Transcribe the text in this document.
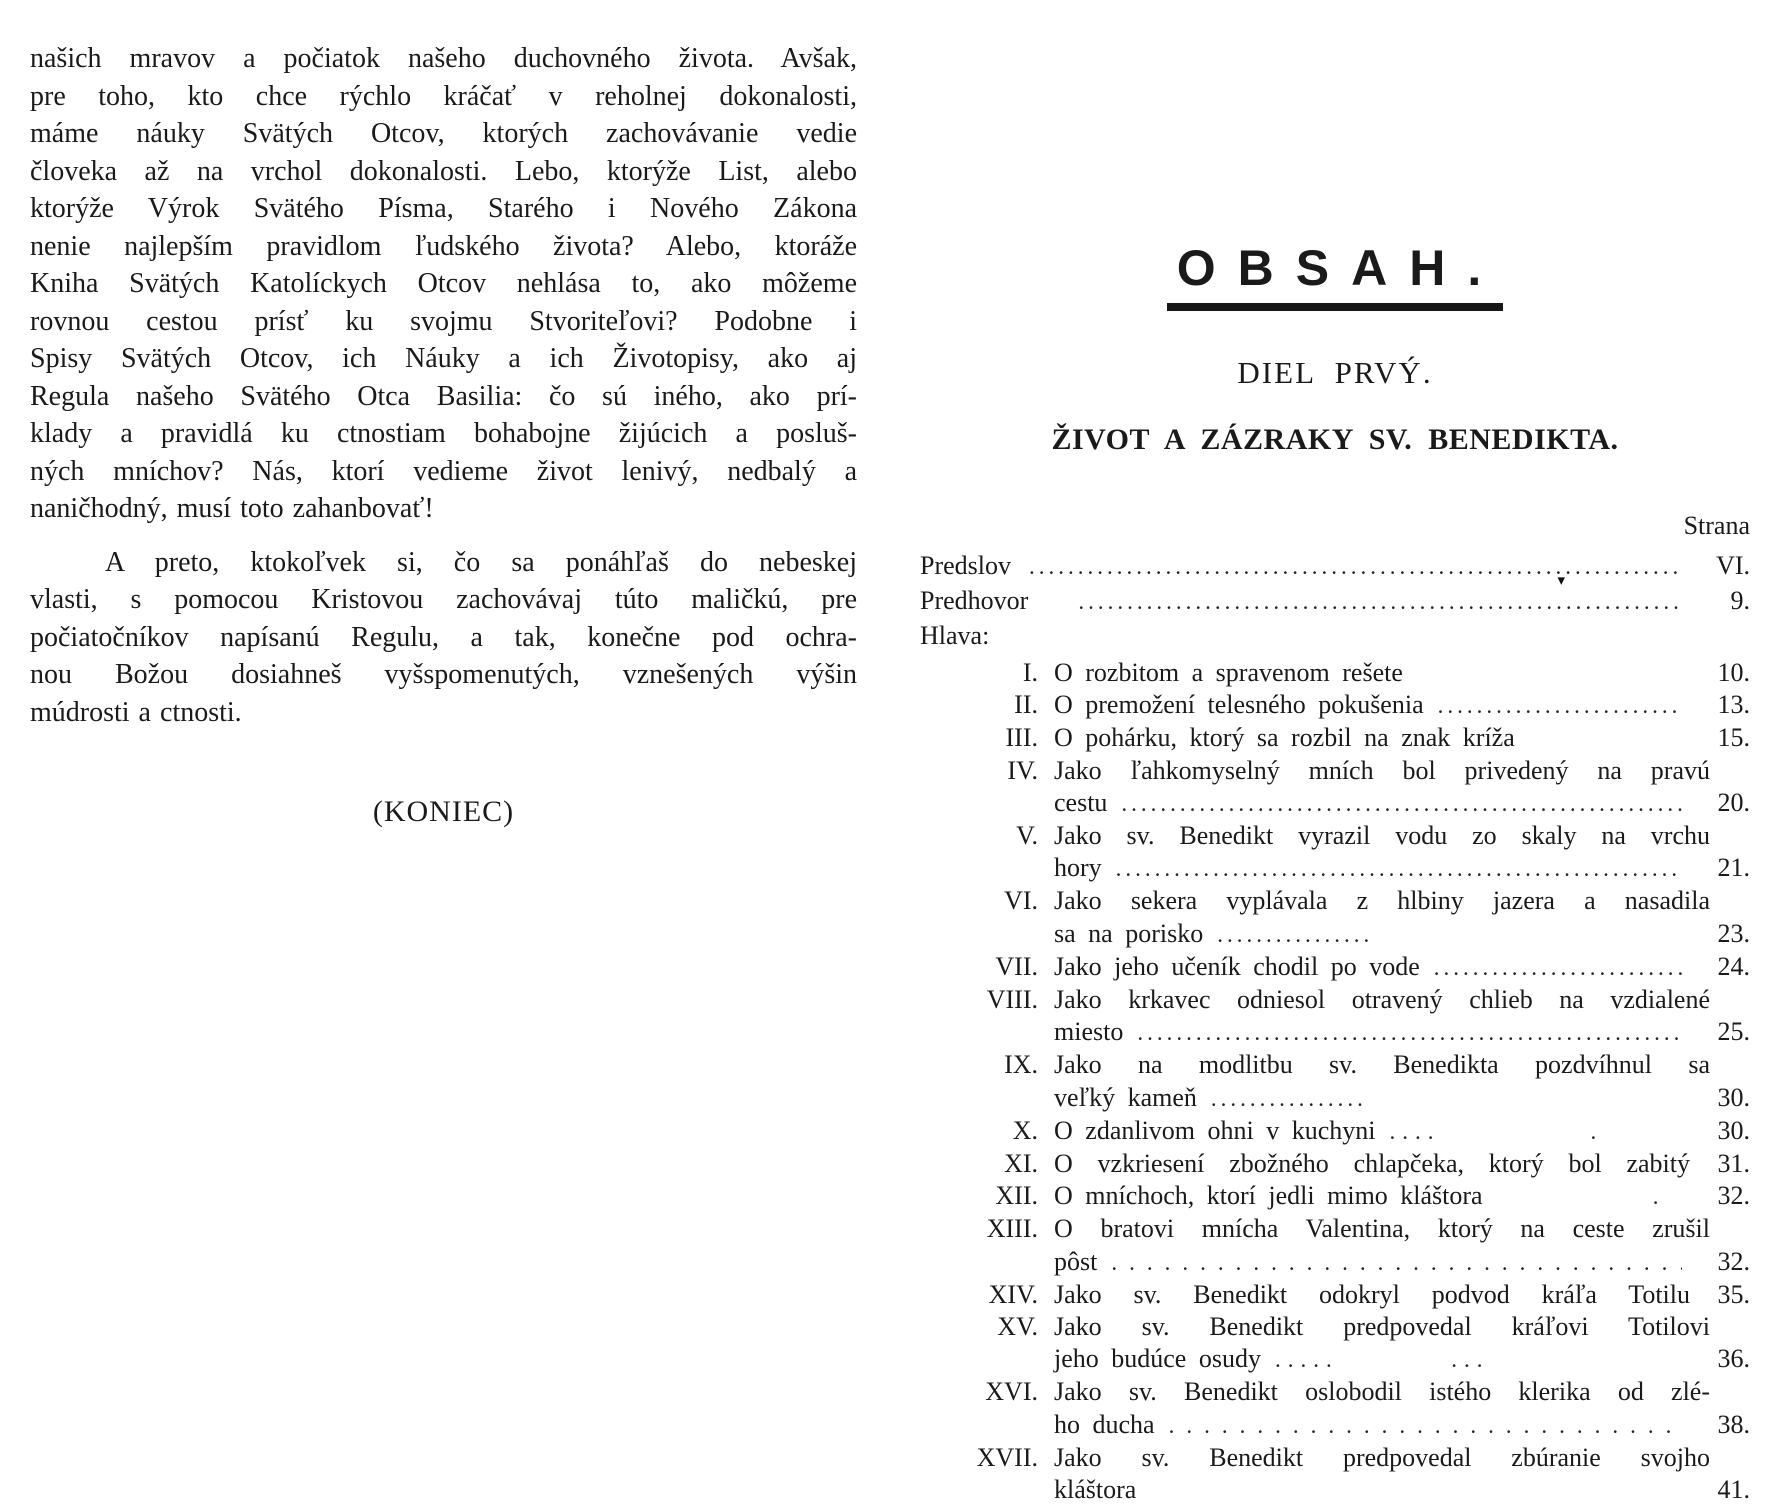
našich mravov a počiatok našeho duchovného života. Avšak,
pre toho, kto chce rýchlo kráčať v reholnej dokonalosti,
máme náuky Svätých Otcov, ktorých zachovávanie vedie
človeka až na vrchol dokonalosti. Lebo, ktorýže List, alebo
ktorýže Výrok Svätého Písma, Starého i Nového Zákona
nenie najlepším pravidlom ľudského života? Alebo, ktoráže
Kniha Svätých Katolíckych Otcov nehlása to, ako môžeme
rovnou cestou prísť ku svojmu Stvoriteľovi? Podobne i
Spisy Svätých Otcov, ich Náuky a ich Životopisy, ako aj
Regula našeho Svätého Otca Basilia: čo sú iného, ako prí-
klady a pravidlá ku ctnostiam bohabojne žijúcich a posluš-
ných mníchov? Nás, ktorí vedieme život lenivý, nedbalý a
naničhodný, musí toto zahanbovať!
A preto, ktokoľvek si, čo sa ponáhľaš do nebeskej
vlasti, s pomocou Kristovou zachovávaj túto maličkú, pre
počiatočníkov napísanú Regulu, a tak, konečne pod ochra-
nou Božou dosiahneš vyšspomenutých, vznešených výšin
múdrosti a ctnosti.
(KONIEC)
OBSAH.
DIEL PRVÝ.
ŽIVOT A ZÁZRAKY SV. BENEDIKTA.
Strana
Predslov .....	VI.
Predhovor .....	9.
▾
Hlava:
I. O rozbitom a spravenom rešete	10.
II. O premožení telesného pokušenia .....	13.
III. O pohárku, ktorý sa rozbil na znak kríža	15.
IV. Jako ľahkomyselný mních bol privedený na pravú
cestu .....	20.
V. Jako sv. Benedikt vyrazil vodu zo skaly na vrchu
hory .....	21.
VI. Jako sekera vyplávala z hlbiny jazera a nasadila
sa na porisko .....	23.
VII. Jako jeho učeník chodil po vode .....	24.
VIII. Jako krkavec odniesol otravený chlieb na vzdialené
miesto .....	25.
IX. Jako na modlitbu sv. Benedikta pozdvíhnul sa
veľký kameň .....	30.
X. O zdanlivom ohni v kuchyni ....	30.
XI. O vzkriesení zbožného chlapčeka, ktorý bol zabitý	31.
XII. O mníchoch, ktorí jedli mimo kláštora .	32.
XIII. O bratovi mnícha Valentina, ktorý na ceste zrušil
pôst .....	32.
XIV. Jako sv. Benedikt odokryl podvod kráľa Totilu	35.
XV. Jako sv. Benedikt predpovedal kráľovi Totilovi
jeho budúce osudy .....	36.
XVI. Jako sv. Benedikt oslobodil istého klerika od zlé-
ho ducha .....	38.
XVII. Jako sv. Benedikt predpovedal zbúranie svojho
kláštora	41.
